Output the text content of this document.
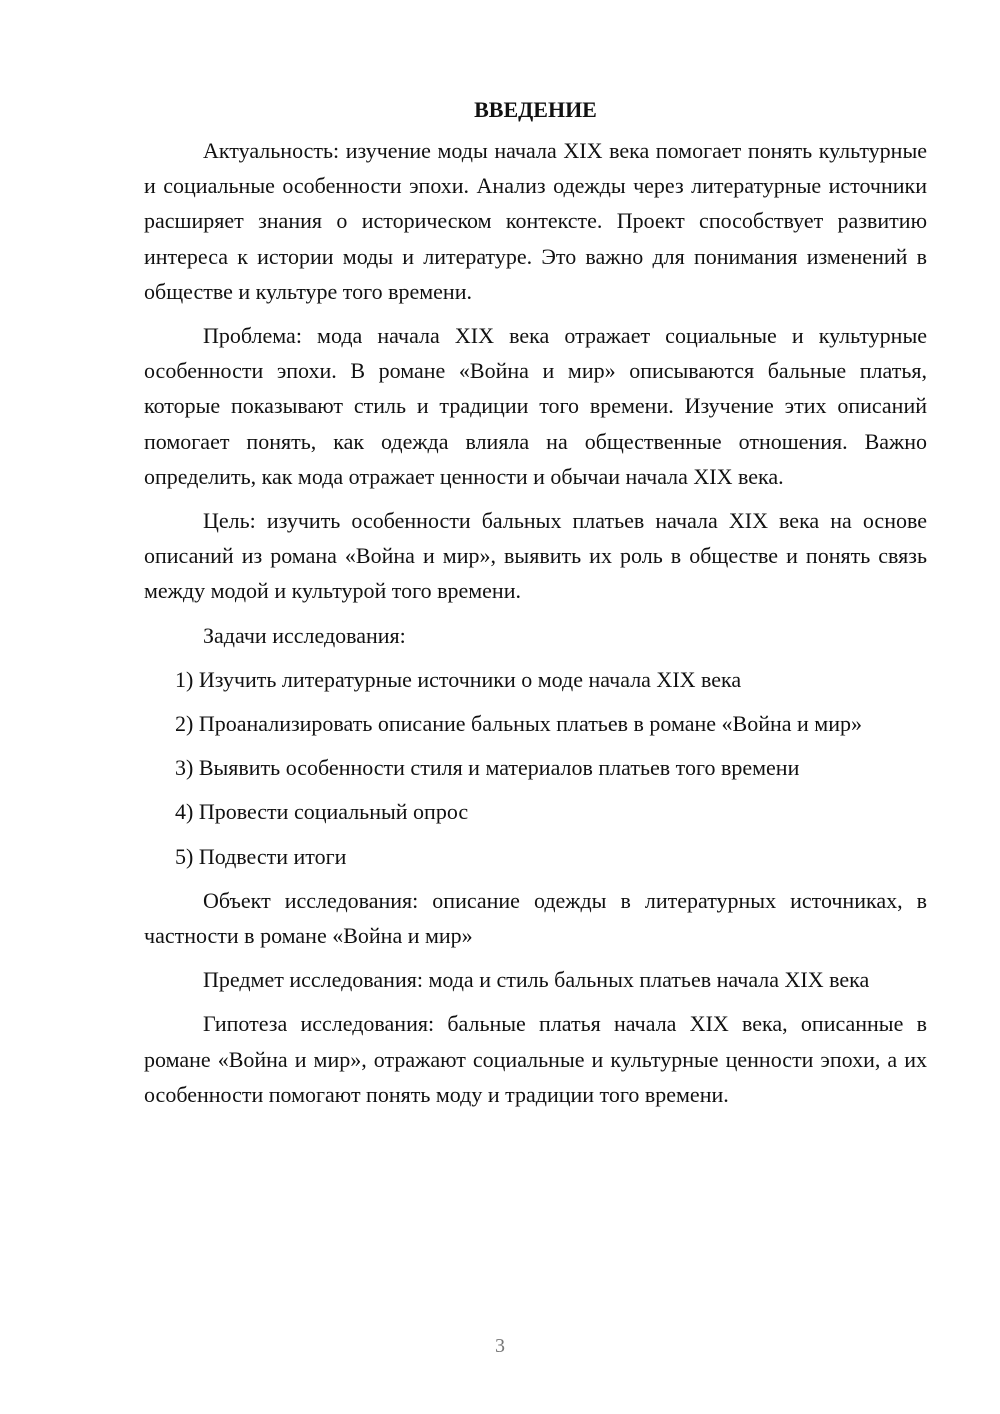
ВВЕДЕНИЕ

Актуальность: изучение моды начала XIX века помогает понять культурные и социальные особенности эпохи. Анализ одежды через литературные источники расширяет знания о историческом контексте. Проект способствует развитию интереса к истории моды и литературе. Это важно для понимания изменений в обществе и культуре того времени.

Проблема: мода начала XIX века отражает социальные и культурные особенности эпохи. В романе «Война и мир» описываются бальные платья, которые показывают стиль и традиции того времени. Изучение этих описаний помогает понять, как одежда влияла на общественные отношения. Важно определить, как мода отражает ценности и обычаи начала XIX века.

Цель: изучить особенности бальных платьев начала XIX века на основе описаний из романа «Война и мир», выявить их роль в обществе и понять связь между модой и культурой того времени.

Задачи исследования:

1) Изучить литературные источники о моде начала XIX века

2) Проанализировать описание бальных платьев в романе «Война и мир»

3) Выявить особенности стиля и материалов платьев того времени

4) Провести социальный опрос

5) Подвести итоги

Объект исследования: описание одежды в литературных источниках, в частности в романе «Война и мир»

Предмет исследования: мода и стиль бальных платьев начала XIX века

Гипотеза исследования: бальные платья начала XIX века, описанные в романе «Война и мир», отражают социальные и культурные ценности эпохи, а их особенности помогают понять моду и традиции того времени.

3
